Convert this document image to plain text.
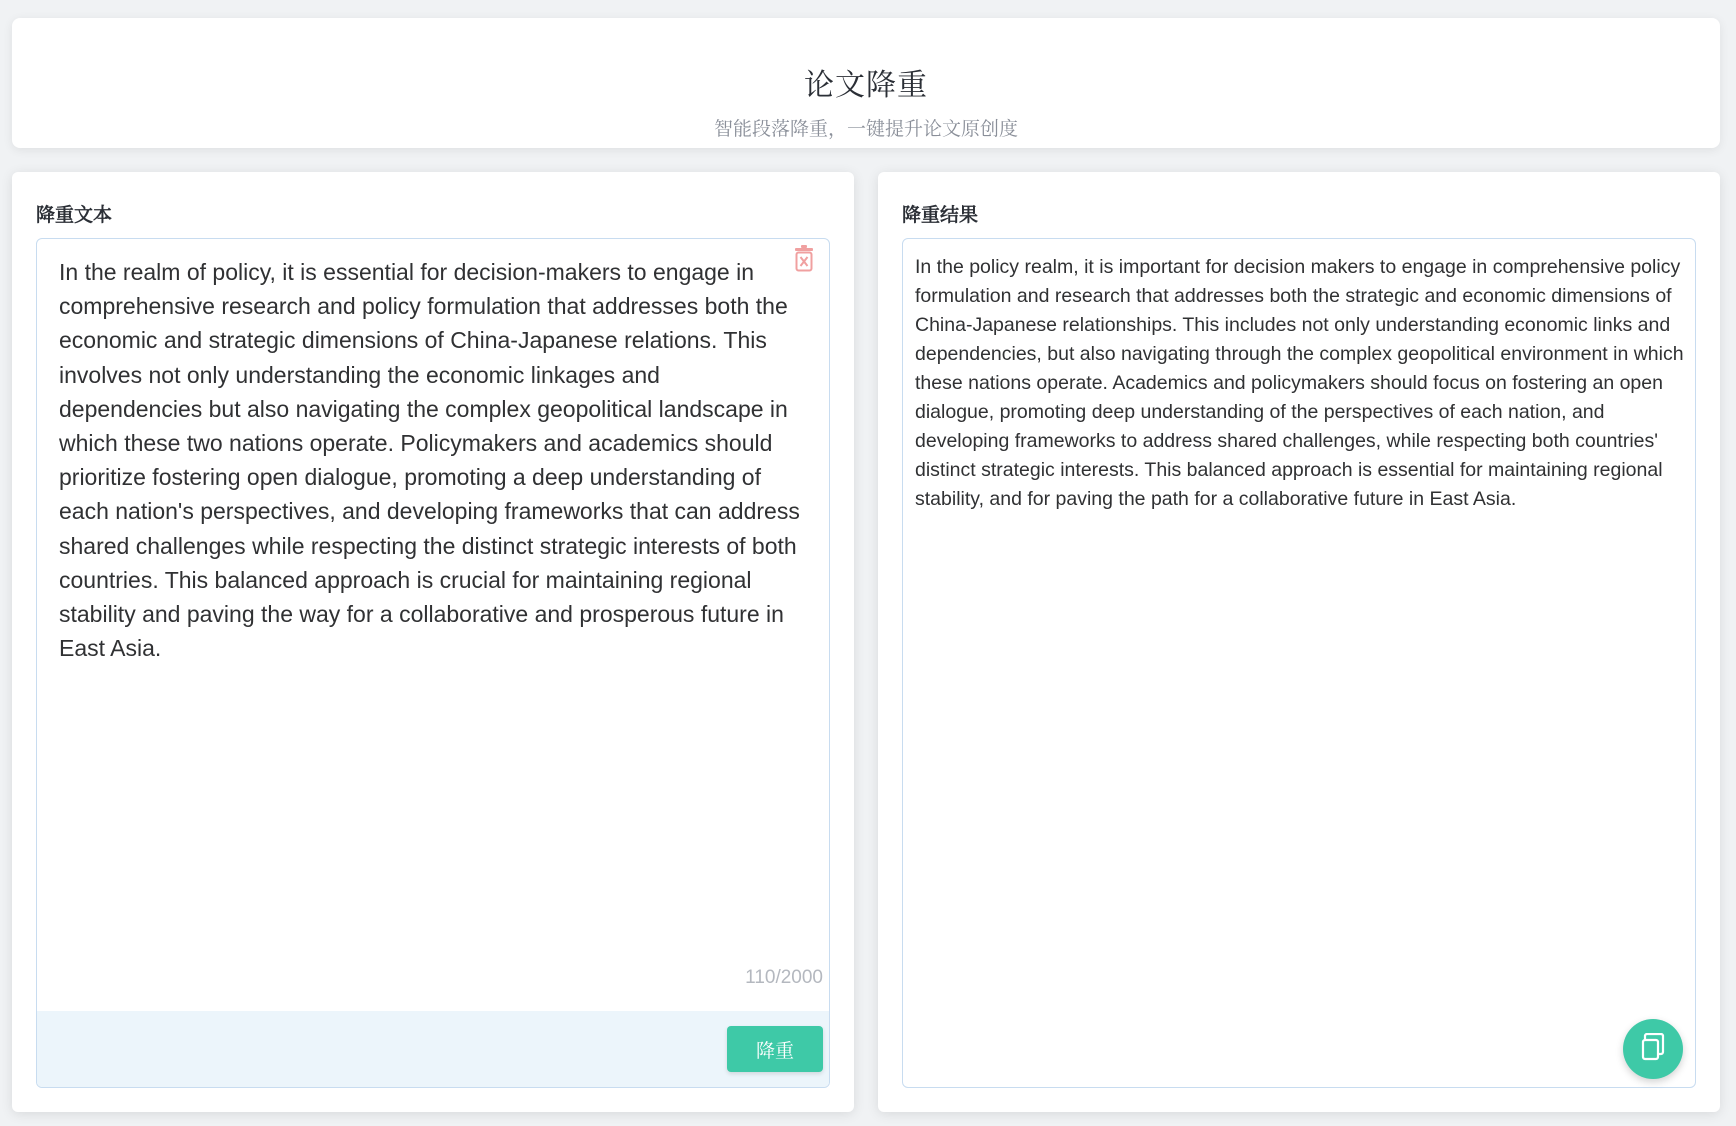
论文降重
智能段落降重，一键提升论文原创度
降重文本
In the realm of policy, it is essential for decision-makers to engage in comprehensive research and policy formulation that addresses both the economic and strategic dimensions of China-Japanese relations. This involves not only understanding the economic linkages and dependencies but also navigating the complex geopolitical landscape in which these two nations operate. Policymakers and academics should prioritize fostering open dialogue, promoting a deep understanding of each nation's perspectives, and developing frameworks that can address shared challenges while respecting the distinct strategic interests of both countries. This balanced approach is crucial for maintaining regional stability and paving the way for a collaborative and prosperous future in East Asia.
110/2000
降重
降重结果
In the policy realm, it is important for decision makers to engage in comprehensive policy formulation and research that addresses both the strategic and economic dimensions of China-Japanese relationships. This includes not only understanding economic links and dependencies, but also navigating through the complex geopolitical environment in which these nations operate. Academics and policymakers should focus on fostering an open dialogue, promoting deep understanding of the perspectives of each nation, and developing frameworks to address shared challenges, while respecting both countries' distinct strategic interests. This balanced approach is essential for maintaining regional stability, and for paving the path for a collaborative future in East Asia.
